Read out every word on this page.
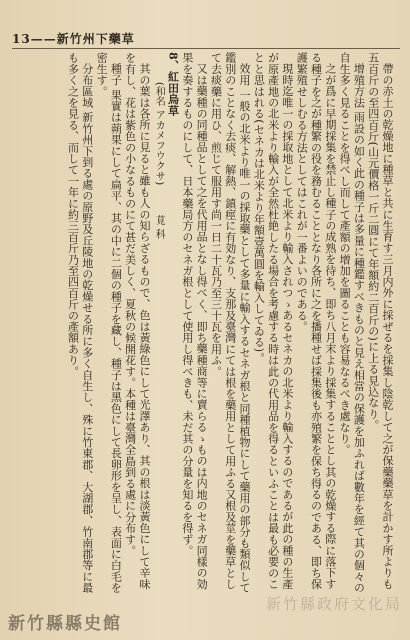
13——新竹州下藥草

帶の赤土の乾燥地に種草と共に生育す三月内外に採ぜるを採集し陰乾して之が保藥藥草を計かす所よりも五百斤の至四百斤(山元價格一斤二圓にて年額約二百斤の)に上る見込なり。

增殖方法 雨設の如く此の種子は多量に種鑑すべきものと見え相當の保護を加ふれば數年を經て其の個々の自生多く見ることを得べし而して產額の增加を圖ることも容易なるべき處なり。

之が爲に早期採集を禁止し種子の成熟を待ち、即ち八月末より採集することとし其の乾燥する際に落下する種子を之が種繁の役を務むることとなり各所に之を播種せば採集後も亦殖繁を保ち得るのである、即ち保護繁殖せしむる方法としてはこれが一番よいのである。

現時迄唯一の採取地として北米より輸入されつゝあるセネカの北米より輸入するのであるが此の種の生產が原產地の北米より輸入が全然杜絶したる場合を考慮する時は此の代用品を得るといふことは最も必要のことと思はれる(セネカは北米より年額壹萬圓を輸入してゐる)。

效用 一般の北米より唯一の採取藥として多量に輸入するセネガ根と同種植物にして藥用の部分も類似して鑑別のことなく去痰、解熱、鎮痙に有効なり、支那及臺灣にては根を藥用として用ふる又根及莖を藥草として去痰藥に用ひ、煎じて服用す尚一日二十瓦乃至三十瓦を用ふ。

又は藥種の同種品として之を代用品となし得べく、即ち藥種商等に賣らるゝものは内地のセネガ同樣の効果を奏するものにして、日本藥局方のセネガ根として使用し得べきも、未だ其の分量を知るを得ず。

8、紅田烏草

(和名 アカメフウクサ)莧 科

其の葉は各所に見ると雖も人の知らざるもので、色は黃綠色にして光澤あり、其の根は淡黃色にして辛味を有し、花は紫色の小なるものにて甚だ美しく、夏秋の候開花す。本種は臺灣全島到る處に分布す。

種子 果實は蒴果にして扁平、其の中に二個の種子を藏し、種子は黑色にして長卵形を呈し、表面に白毛を密生す。

分布區域 新竹州下到る處の原野及丘陵地の乾燥せる所に多く自生し、殊に竹東郡、大湖郡、竹南郡等に最も多く之を見る、而して一年に約三百斤乃至四百斤の產額あり。

新竹縣縣史館
新竹縣政府文化局
